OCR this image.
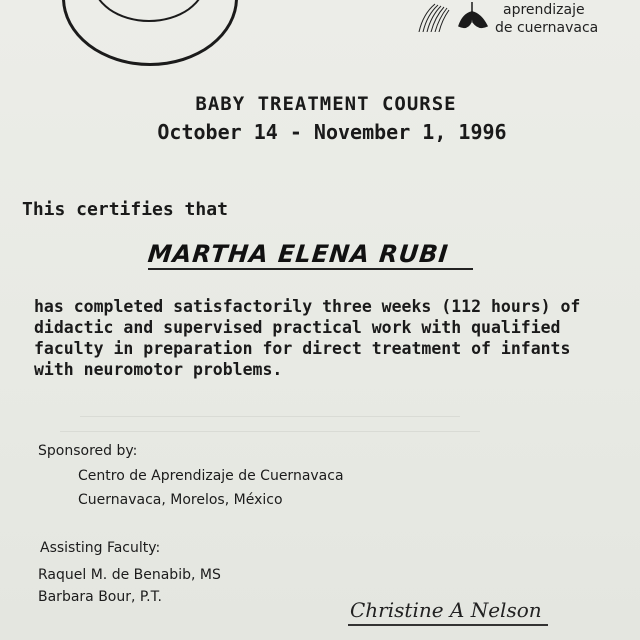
aprendizaje
de cuernavaca
BABY TREATMENT COURSE
October 14 - November 1, 1996
This certifies that
MARTHA ELENA RUBI

has completed satisfactorily three weeks (112 hours) of didactic and supervised practical work with qualified faculty in preparation for direct treatment of infants with neuromotor problems.

Sponsored by:
Centro de Aprendizaje de Cuernavaca
Cuernavaca, Morelos, México
Assisting Faculty:
Raquel M. de Benabib, MS
Barbara Bour, P.T.
Christine A Nelson
